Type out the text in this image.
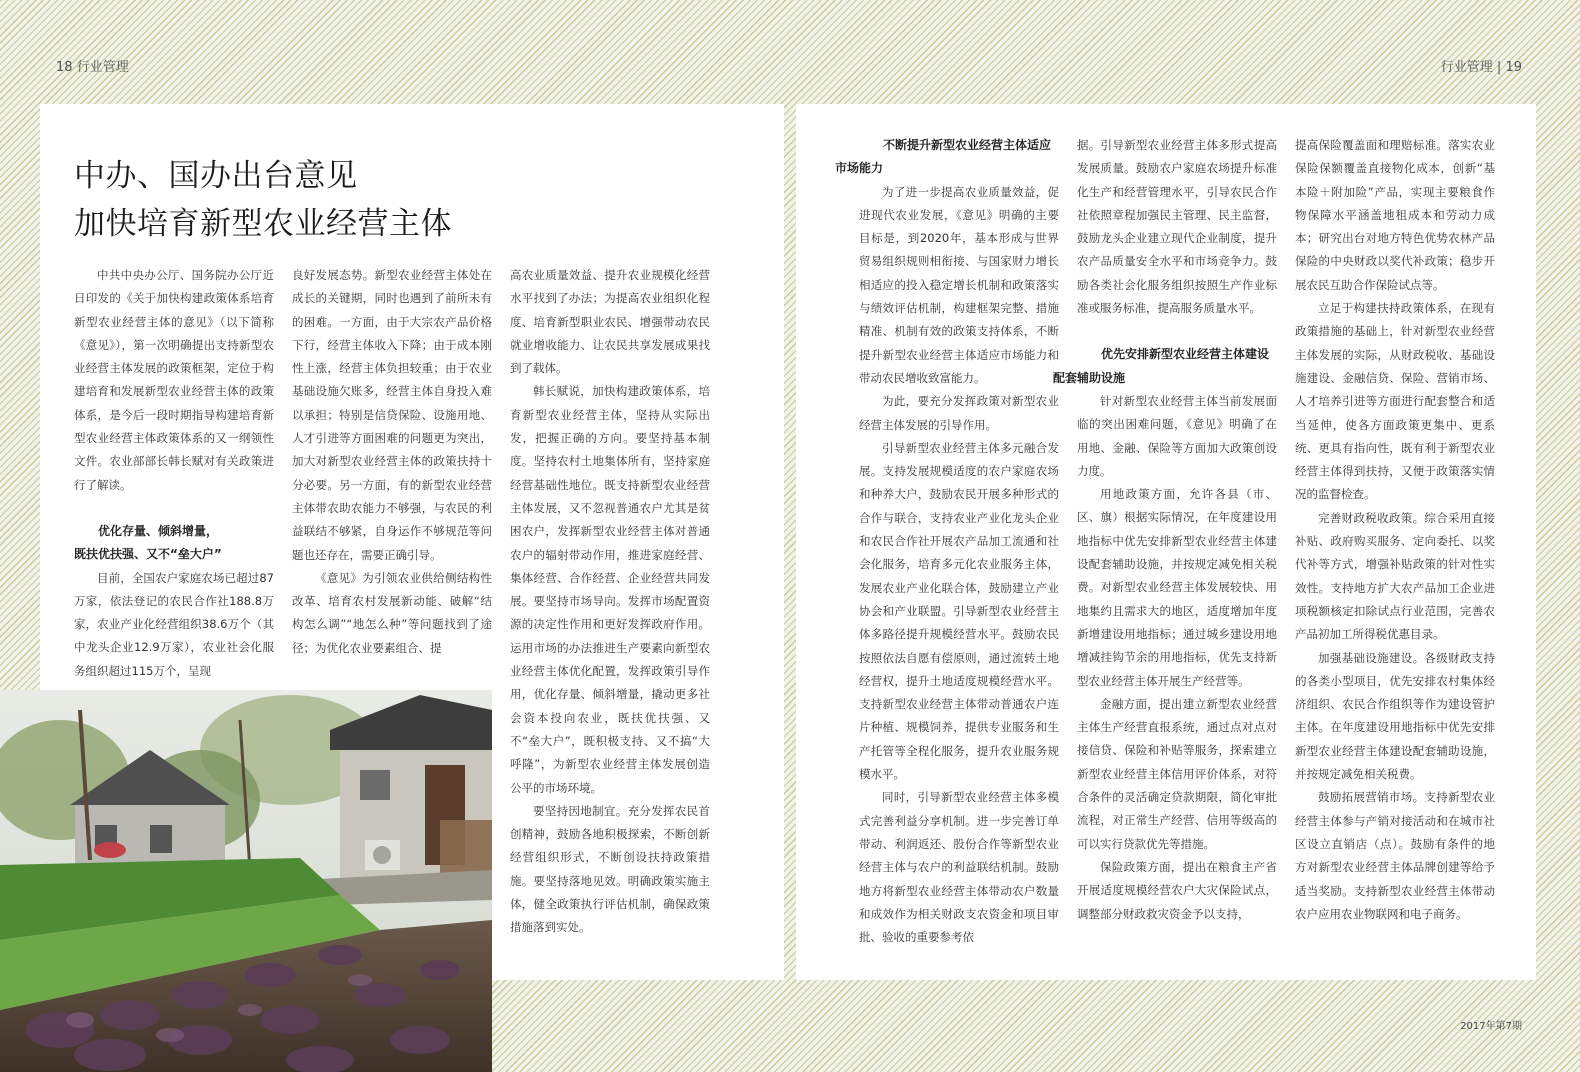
18 行业管理	行业管理 | 19
中办、国办出台意见
加快培育新型农业经营主体

中共中央办公厅、国务院办公厅近日印发的《关于加快构建政策体系培育新型农业经营主体的意见》（以下简称《意见》），第一次明确提出支持新型农业经营主体发展的政策框架，定位于构建培育和发展新型农业经营主体的政策体系，是今后一段时期指导构建培育新型农业经营主体政策体系的又一纲领性文件。农业部部长韩长赋对有关政策进行了解读。

优化存量、倾斜增量，
既扶优扶强、又不“垒大户”

目前，全国农户家庭农场已超过87万家，依法登记的农民合作社188.8万家，农业产业化经营组织38.6万个（其中龙头企业12.9万家），农业社会化服务组织超过115万个，呈现

良好发展态势。新型农业经营主体处在成长的关键期，同时也遇到了前所未有的困难。一方面，由于大宗农产品价格下行，经营主体收入下降；由于成本刚性上涨，经营主体负担较重；由于农业基础设施欠账多，经营主体自身投入难以承担；特别是信贷保险、设施用地、人才引进等方面困难的问题更为突出，加大对新型农业经营主体的政策扶持十分必要。另一方面，有的新型农业经营主体带农助农能力不够强，与农民的利益联结不够紧，自身运作不够规范等问题也还存在，需要正确引导。

《意见》为引领农业供给侧结构性改革、培育农村发展新动能、破解“结构怎么调”“地怎么种”等问题找到了途径；为优化农业要素组合、提

高农业质量效益、提升农业规模化经营水平找到了办法；为提高农业组织化程度、培育新型职业农民、增强带动农民就业增收能力、让农民共享发展成果找到了载体。

韩长赋说，加快构建政策体系，培育新型农业经营主体，坚持从实际出发，把握正确的方向。要坚持基本制度。坚持农村土地集体所有，坚持家庭经营基础性地位。既支持新型农业经营主体发展，又不忽视普通农户尤其是贫困农户，发挥新型农业经营主体对普通农户的辐射带动作用，推进家庭经营、集体经营、合作经营、企业经营共同发展。要坚持市场导向。发挥市场配置资源的决定性作用和更好发挥政府作用。运用市场的办法推进生产要素向新型农业经营主体优化配置，发挥政策引导作用，优化存量、倾斜增量，撬动更多社会资本投向农业，既扶优扶强、又不“垒大户”，既积极支持、又不搞“大呼隆”，为新型农业经营主体发展创造公平的市场环境。

要坚持因地制宜。充分发挥农民首创精神，鼓励各地积极探索，不断创新经营组织形式，不断创设扶持政策措施。要坚持落地见效。明确政策实施主体，健全政策执行评估机制，确保政策措施落到实处。

不断提升新型农业经营主体适应
市场能力

为了进一步提高农业质量效益，促进现代农业发展，《意见》明确的主要目标是，到2020年，基本形成与世界贸易组织规则相衔接、与国家财力增长相适应的投入稳定增长机制和政策落实与绩效评估机制，构建框架完整、措施精准、机制有效的政策支持体系，不断提升新型农业经营主体适应市场能力和带动农民增收致富能力。

为此，要充分发挥政策对新型农业经营主体发展的引导作用。

引导新型农业经营主体多元融合发展。支持发展规模适度的农户家庭农场和种养大户，鼓励农民开展多种形式的合作与联合，支持农业产业化龙头企业和农民合作社开展农产品加工流通和社会化服务，培育多元化农业服务主体，发展农业产业化联合体，鼓励建立产业协会和产业联盟。引导新型农业经营主体多路径提升规模经营水平。鼓励农民按照依法自愿有偿原则，通过流转土地经营权，提升土地适度规模经营水平。支持新型农业经营主体带动普通农户连片种植、规模饲养，提供专业服务和生产托管等全程化服务，提升农业服务规模水平。

同时，引导新型农业经营主体多模式完善利益分享机制。进一步完善订单带动、利润返还、股份合作等新型农业经营主体与农户的利益联结机制。鼓励地方将新型农业经营主体带动农户数量和成效作为相关财政支农资金和项目审批、验收的重要参考依

据。引导新型农业经营主体多形式提高发展质量。鼓励农户家庭农场提升标准化生产和经营管理水平，引导农民合作社依照章程加强民主管理、民主监督，鼓励龙头企业建立现代企业制度，提升农产品质量安全水平和市场竞争力。鼓励各类社会化服务组织按照生产作业标准或服务标准，提高服务质量水平。

优先安排新型农业经营主体建设
配套辅助设施

针对新型农业经营主体当前发展面临的突出困难问题，《意见》明确了在用地、金融、保险等方面加大政策创设力度。

用地政策方面，允许各县（市、区、旗）根据实际情况，在年度建设用地指标中优先安排新型农业经营主体建设配套辅助设施，并按规定减免相关税费。对新型农业经营主体发展较快、用地集约且需求大的地区，适度增加年度新增建设用地指标；通过城乡建设用地增减挂钩节余的用地指标，优先支持新型农业经营主体开展生产经营等。

金融方面，提出建立新型农业经营主体生产经营直报系统，通过点对点对接信贷、保险和补贴等服务，探索建立新型农业经营主体信用评价体系，对符合条件的灵活确定贷款期限，简化审批流程，对正常生产经营、信用等级高的可以实行贷款优先等措施。

保险政策方面，提出在粮食主产省开展适度规模经营农户大灾保险试点，调整部分财政救灾资金予以支持，

提高保险覆盖面和理赔标准。落实农业保险保额覆盖直接物化成本，创新“基本险＋附加险”产品，实现主要粮食作物保障水平涵盖地租成本和劳动力成本；研究出台对地方特色优势农林产品保险的中央财政以奖代补政策；稳步开展农民互助合作保险试点等。

立足于构建扶持政策体系，在现有政策措施的基础上，针对新型农业经营主体发展的实际，从财政税收、基础设施建设、金融信贷、保险、营销市场、人才培养引进等方面进行配套整合和适当延伸，使各方面政策更集中、更系统、更具有指向性，既有利于新型农业经营主体得到扶持，又便于政策落实情况的监督检查。

完善财政税收政策。综合采用直接补贴、政府购买服务、定向委托、以奖代补等方式，增强补贴政策的针对性实效性。支持地方扩大农产品加工企业进项税额核定扣除试点行业范围，完善农产品初加工所得税优惠目录。

加强基础设施建设。各级财政支持的各类小型项目，优先安排农村集体经济组织、农民合作组织等作为建设管护主体。在年度建设用地指标中优先安排新型农业经营主体建设配套辅助设施，并按规定减免相关税费。

鼓励拓展营销市场。支持新型农业经营主体参与产销对接活动和在城市社区设立直销店（点）。鼓励有条件的地方对新型农业经营主体品牌创建等给予适当奖励。支持新型农业经营主体带动农户应用农业物联网和电子商务。

2017年第7期
